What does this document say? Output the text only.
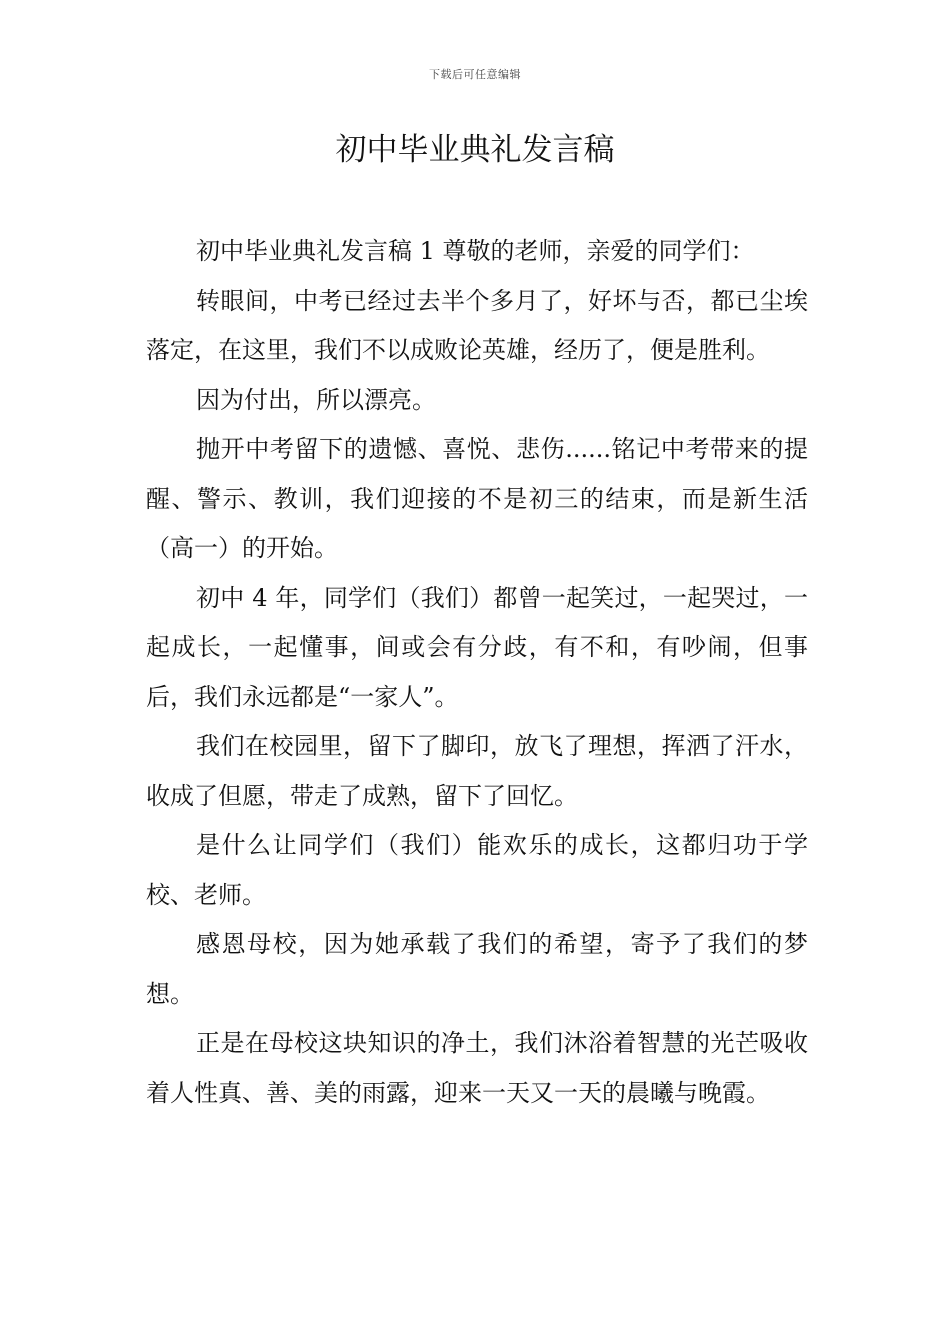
下载后可任意编辑
初中毕业典礼发言稿

初中毕业典礼发言稿 1 尊敬的老师，亲爱的同学们：

转眼间，中考已经过去半个多月了，好坏与否，都已尘埃落定，在这里，我们不以成败论英雄，经历了，便是胜利。

因为付出，所以漂亮。

抛开中考留下的遗憾、喜悦、悲伤......铭记中考带来的提醒、警示、教训，我们迎接的不是初三的结束，而是新生活（高一）的开始。

初中 4 年，同学们（我们）都曾一起笑过，一起哭过，一起成长，一起懂事，间或会有分歧，有不和，有吵闹，但事后，我们永远都是“一家人”。

我们在校园里，留下了脚印，放飞了理想，挥洒了汗水，收成了但愿，带走了成熟，留下了回忆。

是什么让同学们（我们）能欢乐的成长，这都归功于学校、老师。

感恩母校，因为她承载了我们的希望，寄予了我们的梦想。

正是在母校这块知识的净土，我们沐浴着智慧的光芒吸收着人性真、善、美的雨露，迎来一天又一天的晨曦与晚霞。
